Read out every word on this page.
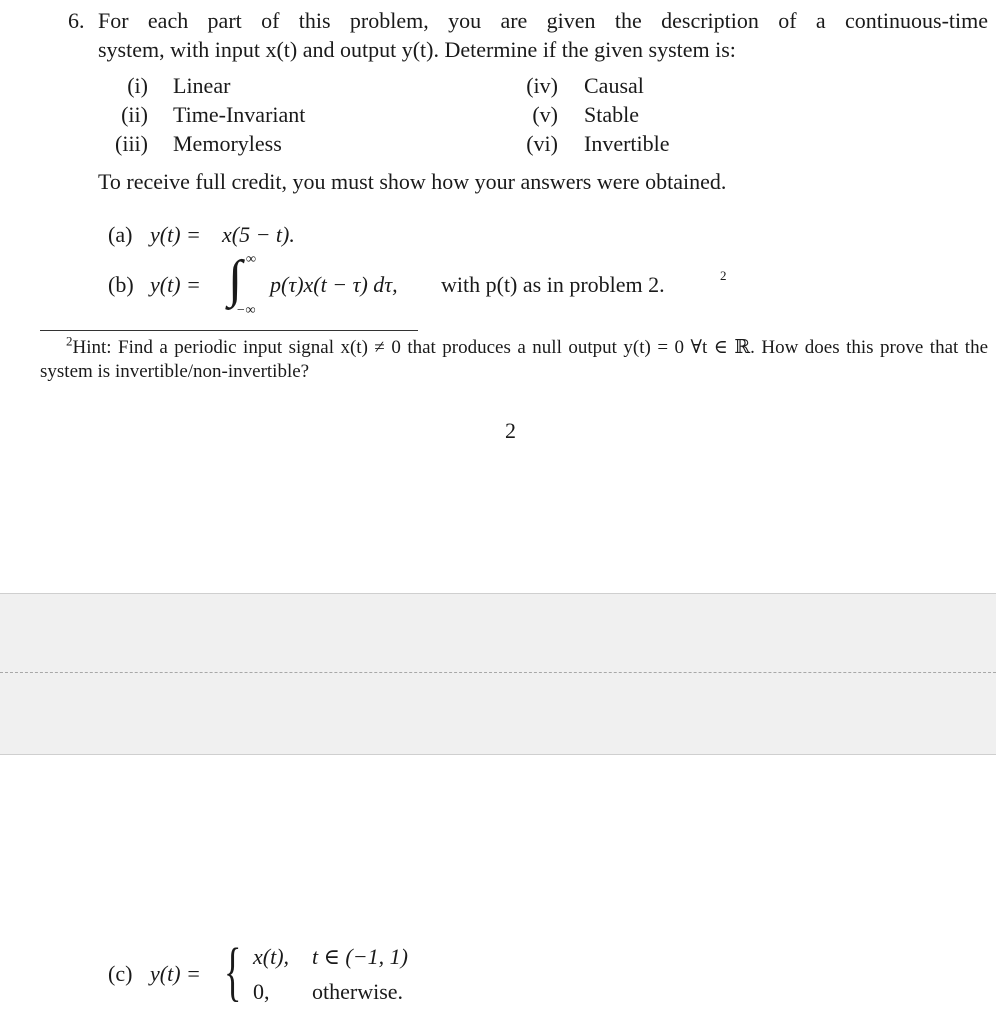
6. For each part of this problem, you are given the description of a continuous-time
system, with input x(t) and output y(t). Determine if the given system is:
(i) Linear
(ii) Time-Invariant
(iii) Memoryless
(iv) Causal
(v) Stable
(vi) Invertible
To receive full credit, you must show how your answers were obtained.
(a) y(t) = x(5 − t).
(b) y(t) = ∫ ∞
−∞
p(τ)x(t − τ) dτ, with p(t) as in problem 2.	2
$^2$Hint: Find a periodic input signal x(t) ≠ 0 that produces a null output y(t) = 0 ∀t ∈ ℝ. How does this prove that the system is invertible/non-invertible?
2
(c) y(t) = { x(t), t ∈ (−1, 1)
0, otherwise.
